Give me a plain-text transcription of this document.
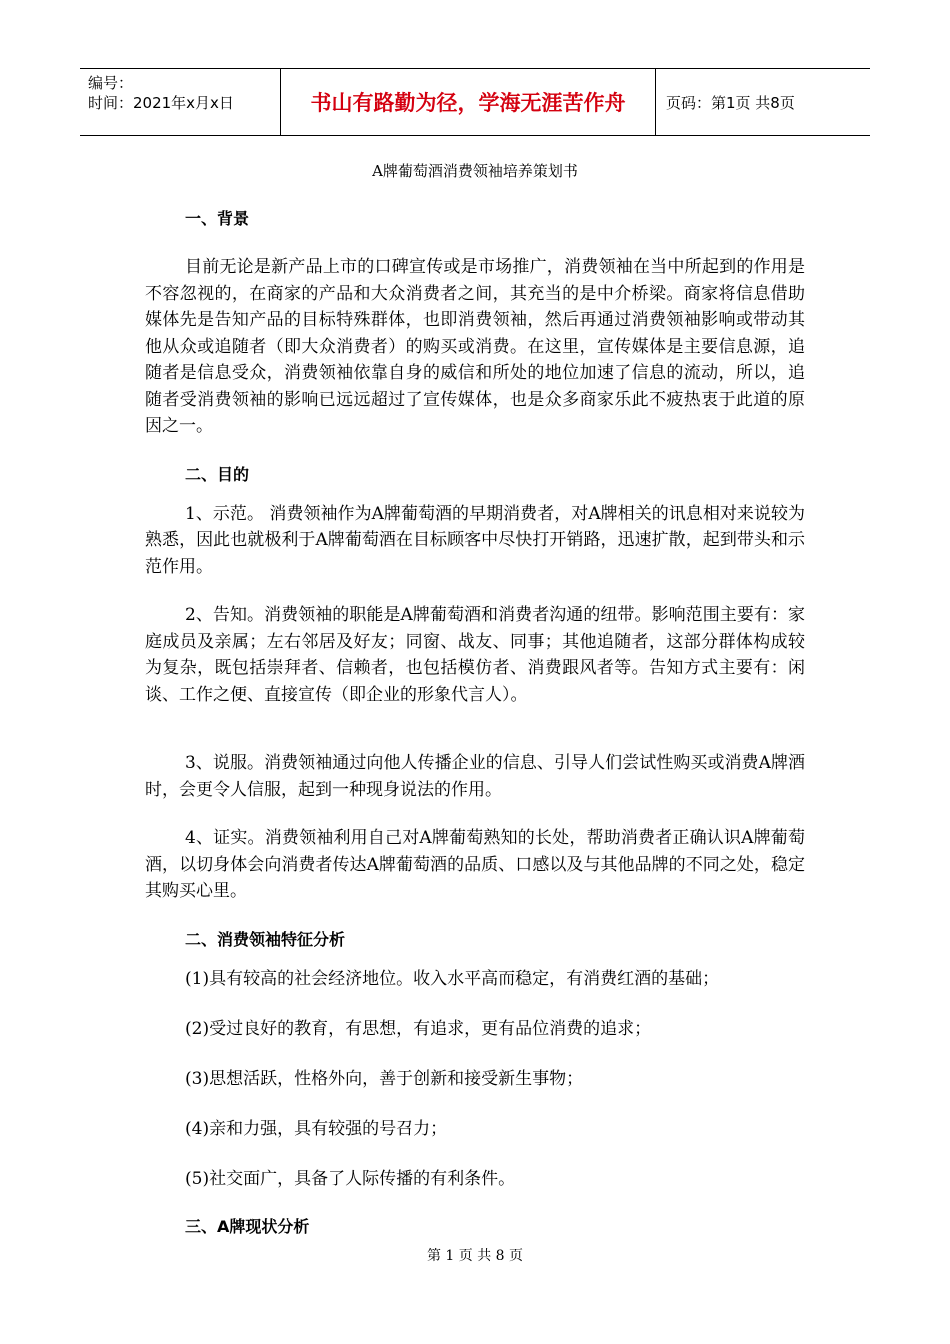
编号：
时间：2021年x月x日	书山有路勤为径，学海无涯苦作舟	页码：第1页 共8页
A牌葡萄酒消费领袖培养策划书

一、背景

目前无论是新产品上市的口碑宣传或是市场推广，消费领袖在当中所起到的作用是不容忽视的，在商家的产品和大众消费者之间，其充当的是中介桥梁。商家将信息借助媒体先是告知产品的目标特殊群体，也即消费领袖，然后再通过消费领袖影响或带动其他从众或追随者（即大众消费者）的购买或消费。在这里，宣传媒体是主要信息源，追随者是信息受众，消费领袖依靠自身的威信和所处的地位加速了信息的流动，所以，追随者受消费领袖的影响已远远超过了宣传媒体，也是众多商家乐此不疲热衷于此道的原因之一。

二、目的

1、示范。 消费领袖作为A牌葡萄酒的早期消费者，对A牌相关的讯息相对来说较为熟悉，因此也就极利于A牌葡萄酒在目标顾客中尽快打开销路，迅速扩散，起到带头和示范作用。

2、告知。消费领袖的职能是A牌葡萄酒和消费者沟通的纽带。影响范围主要有：家庭成员及亲属；左右邻居及好友；同窗、战友、同事；其他追随者，这部分群体构成较为复杂，既包括崇拜者、信赖者，也包括模仿者、消费跟风者等。告知方式主要有：闲谈、工作之便、直接宣传（即企业的形象代言人）。

3、说服。消费领袖通过向他人传播企业的信息、引导人们尝试性购买或消费A牌酒时，会更令人信服，起到一种现身说法的作用。

4、证实。消费领袖利用自己对A牌葡萄熟知的长处，帮助消费者正确认识A牌葡萄酒，以切身体会向消费者传达A牌葡萄酒的品质、口感以及与其他品牌的不同之处，稳定其购买心里。

二、消费领袖特征分析

(1)具有较高的社会经济地位。收入水平高而稳定，有消费红酒的基础；

(2)受过良好的教育，有思想，有追求，更有品位消费的追求；

(3)思想活跃，性格外向，善于创新和接受新生事物；

(4)亲和力强，具有较强的号召力；

(5)社交面广，具备了人际传播的有利条件。

三、A牌现状分析

第 1 页 共 8 页
